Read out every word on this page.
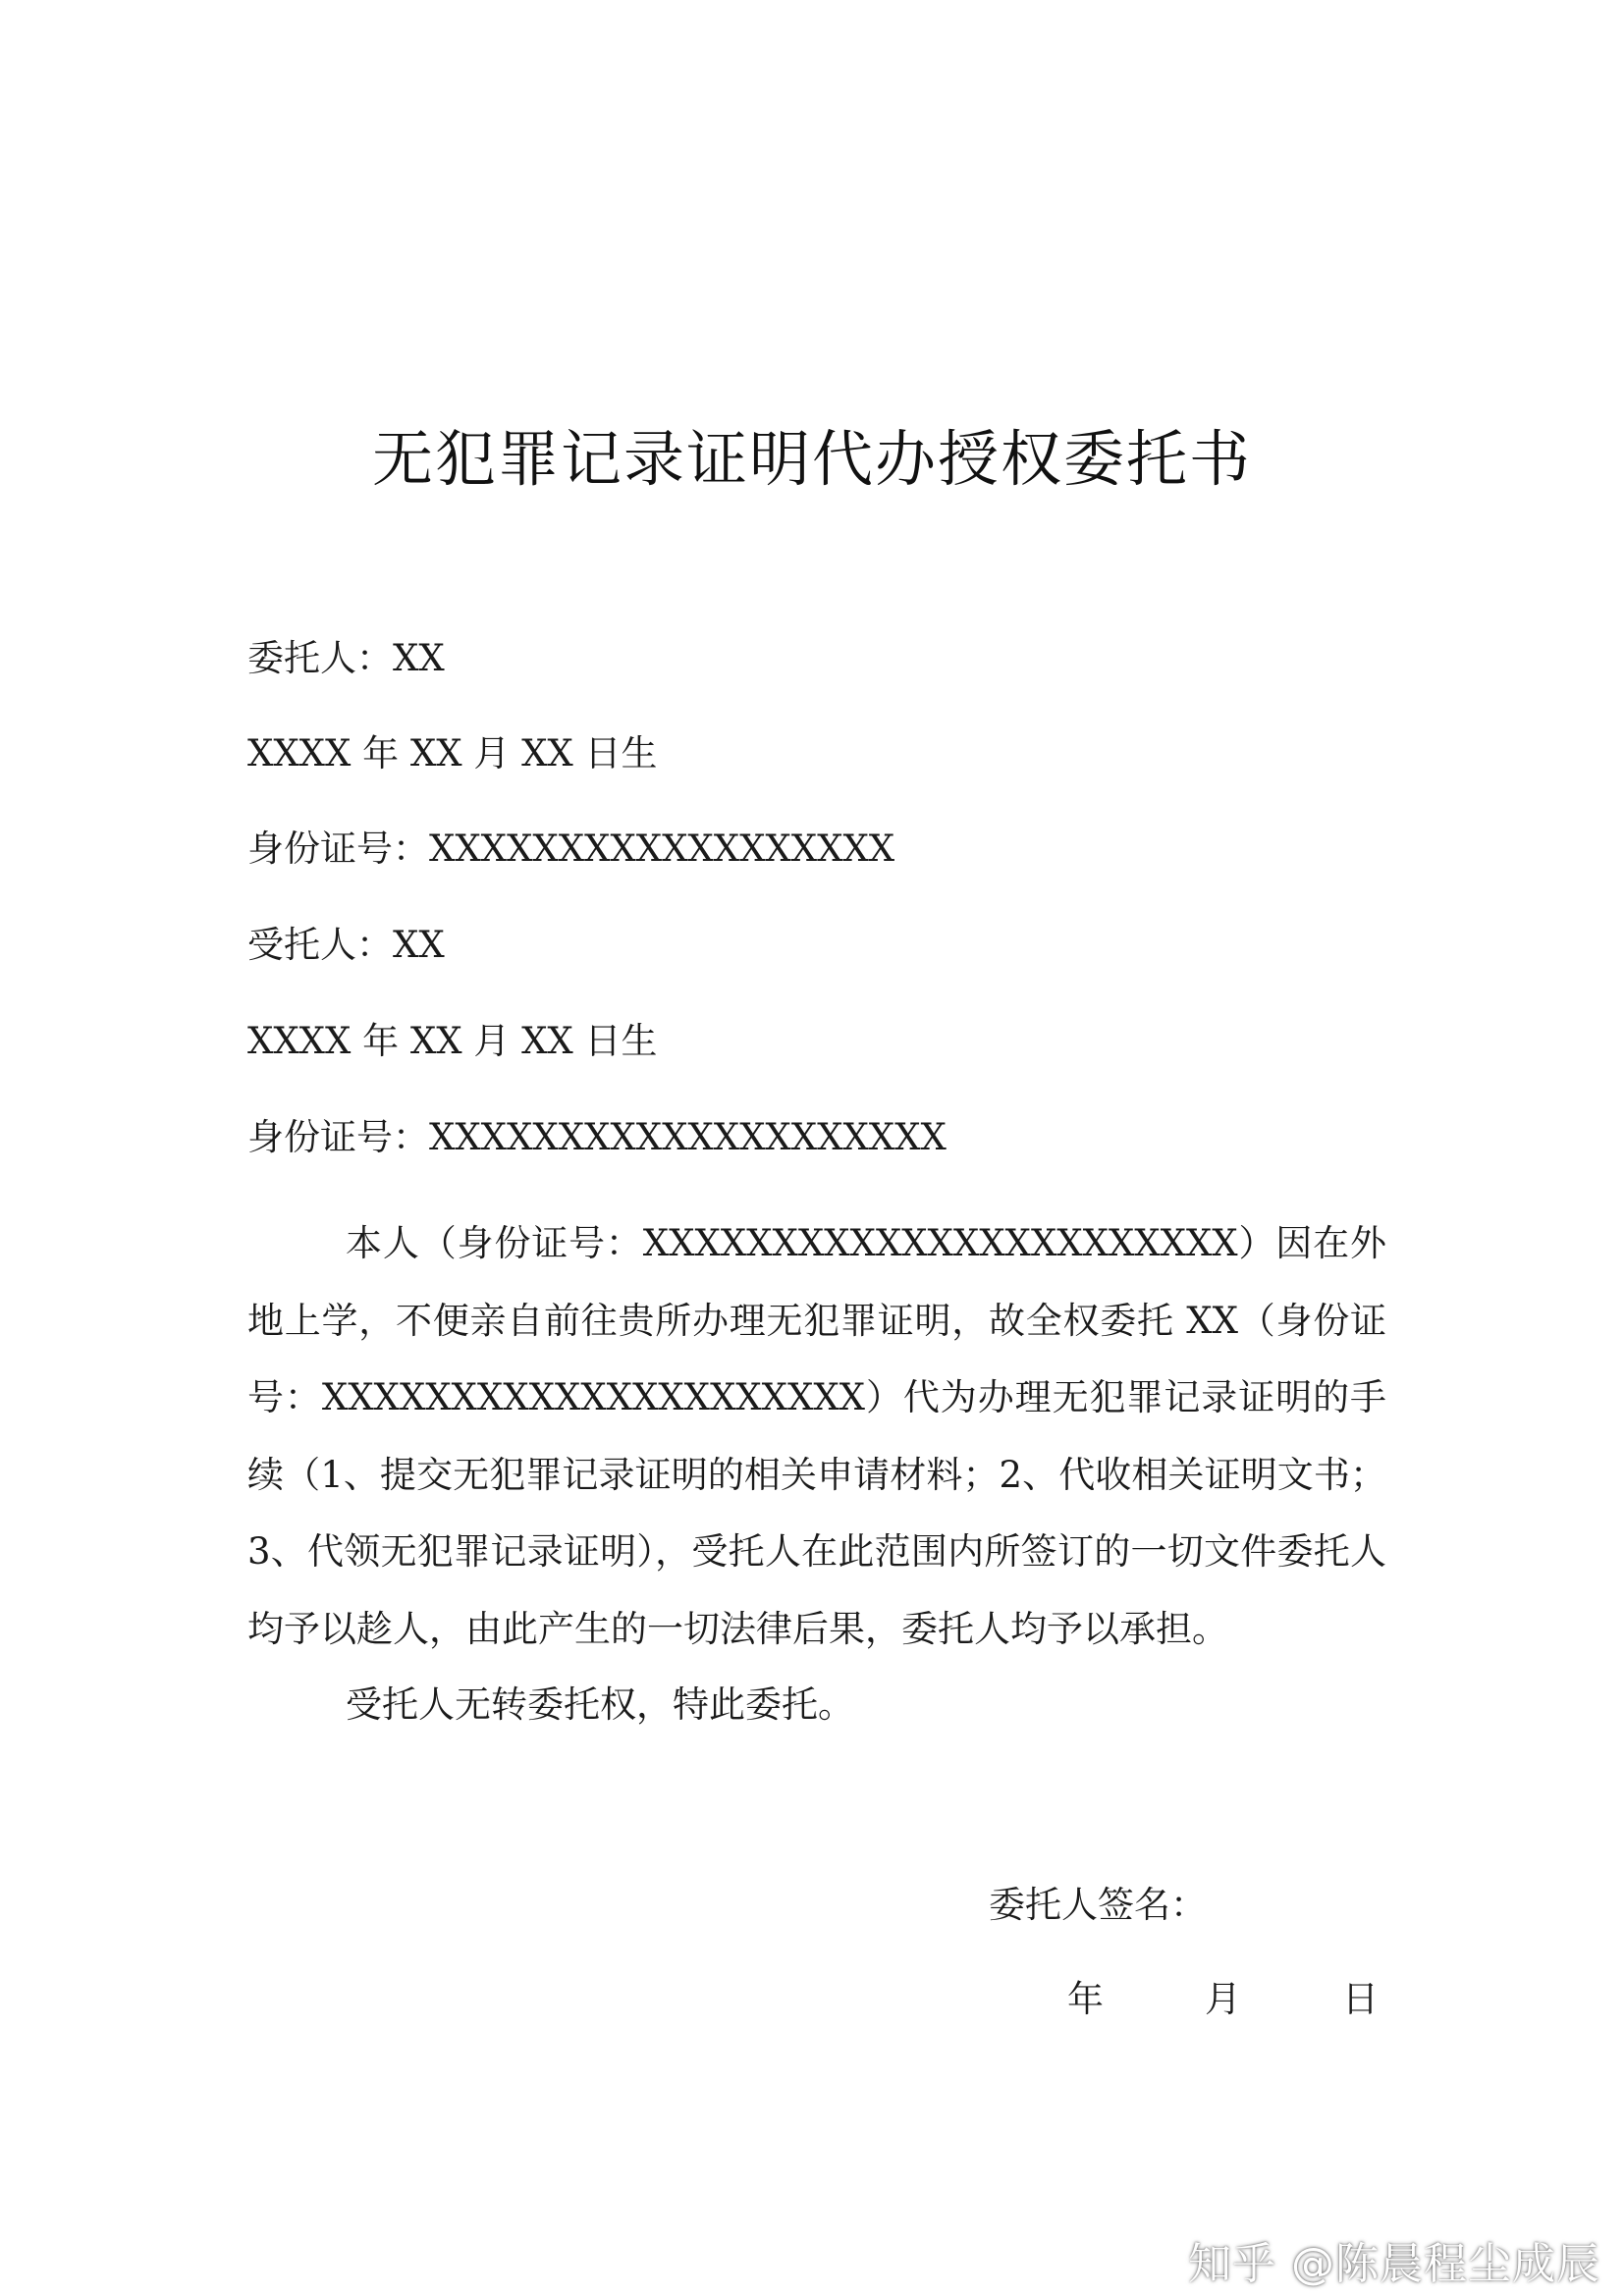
无犯罪记录证明代办授权委托书
委托人：XX
XXXX 年 XX 月 XX 日生
身份证号：XXXXXXXXXXXXXXXXXX
受托人：XX
XXXX 年 XX 月 XX 日生
身份证号：XXXXXXXXXXXXXXXXXXXX
本人（身份证号：XXXXXXXXXXXXXXXXXXXXXXX）因在外地上学，不便亲自前往贵所办理无犯罪证明，故全权委托 XX（身份证号：XXXXXXXXXXXXXXXXXXXXX）代为办理无犯罪记录证明的手续（1、提交无犯罪记录证明的相关申请材料；2、代收相关证明文书；3、代领无犯罪记录证明），受托人在此范围内所签订的一切文件委托人均予以趁人，由此产生的一切法律后果，委托人均予以承担。
受托人无转委托权，特此委托。
委托人签名：
年	月	日
知乎 @陈晨程尘成辰
